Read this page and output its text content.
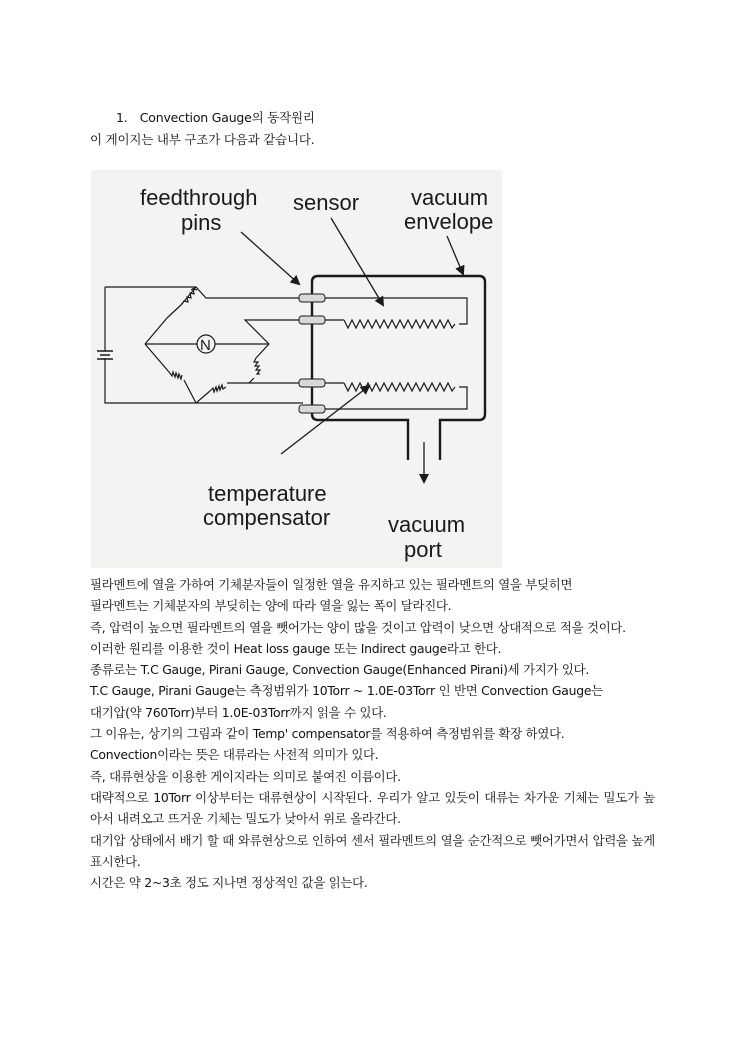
1. Convection Gauge의 동작원리
이 게이지는 내부 구조가 다음과 같습니다.
feedthrough
pins
sensor vacuum
envelope
temperature
compensator	vacuum
port
N

필라멘트에 열을 가하여 기체분자들이 일정한 열을 유지하고 있는 필라멘트의 열을 부딪히면

필라멘트는 기체분자의 부딪히는 양에 따라 열을 잃는 폭이 달라진다.

즉, 압력이 높으면 필라멘트의 열을 뺏어가는 양이 많을 것이고 압력이 낮으면 상대적으로 적을 것이다.

이러한 원리를 이용한 것이 Heat loss gauge 또는 Indirect gauge라고 한다.

종류로는 T.C Gauge, Pirani Gauge, Convection Gauge(Enhanced Pirani)세 가지가 있다.

T.C Gauge, Pirani Gauge는 측정범위가 10Torr ~ 1.0E-03Torr 인 반면 Convection Gauge는

대기압(약 760Torr)부터 1.0E-03Torr까지 읽을 수 있다.

그 이유는, 상기의 그림과 같이 Temp' compensator를 적용하여 측정범위를 확장 하였다.

Convection이라는 뜻은 대류라는 사전적 의미가 있다.

즉, 대류현상을 이용한 게이지라는 의미로 붙여진 이름이다.

대략적으로 10Torr 이상부터는 대류현상이 시작된다. 우리가 알고 있듯이 대류는 차가운 기체는 밀도가 높아서 내려오고 뜨거운 기체는 밀도가 낮아서 위로 올라간다.

대기압 상태에서 배기 할 때 와류현상으로 인하여 센서 필라멘트의 열을 순간적으로 뺏어가면서 압력을 높게 표시한다.

시간은 약 2~3초 정도 지나면 정상적인 값을 읽는다.
